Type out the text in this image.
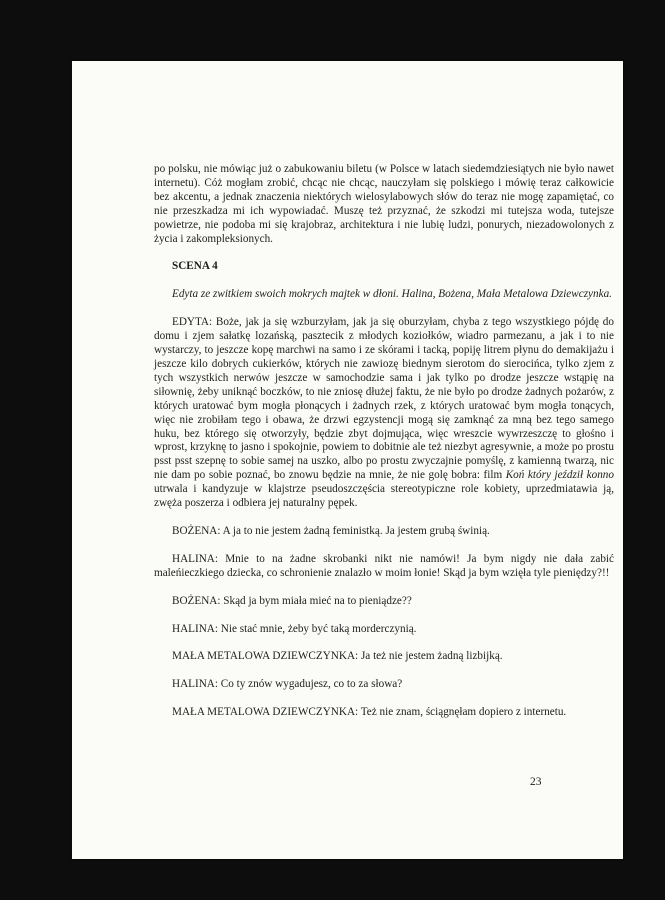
po polsku, nie mówiąc już o zabukowaniu biletu (w Polsce w latach siedemdziesiątych nie było nawet internetu). Cóż mogłam zrobić, chcąc nie chcąc, nauczyłam się polskiego i mówię teraz całkowicie bez akcentu, a jednak znaczenia niektórych wielosylabowych słów do teraz nie mogę zapamiętać, co nie przeszkadza mi ich wypowiadać. Muszę też przyznać, że szkodzi mi tutejsza woda, tutejsze powietrze, nie podoba mi się krajobraz, architektura i nie lubię ludzi, ponurych, niezadowolonych z życia i zakompleksionych.

SCENA 4

Edyta ze zwitkiem swoich mokrych majtek w dłoni. Halina, Bożena, Mała Metalowa Dziewczynka.

EDYTA: Boże, jak ja się wzburzyłam, jak ja się oburzyłam, chyba z tego wszystkiego pójdę do domu i zjem sałatkę lozańską, pasztecik z młodych koziołków, wiadro parmezanu, a jak i to nie wystarczy, to jeszcze kopę marchwi na samo i ze skórami i tacką, popiję litrem płynu do demakijażu i jeszcze kilo dobrych cukierków, których nie zawiozę biednym sierotom do sierocińca, tylko zjem z tych wszystkich nerwów jeszcze w samochodzie sama i jak tylko po drodze jeszcze wstąpię na siłownię, żeby uniknąć boczków, to nie zniosę dłużej faktu, że nie było po drodze żadnych pożarów, z których uratować bym mogła płonących i żadnych rzek, z których uratować bym mogła tonących, więc nie zrobiłam tego i obawa, że drzwi egzystencji mogą się zamknąć za mną bez tego samego huku, bez którego się otworzyły, będzie zbyt dojmująca, więc wreszcie wywrzeszczę to głośno i wprost, krzyknę to jasno i spokojnie, powiem to dobitnie ale też niezbyt agresywnie, a może po prostu psst psst szepnę to sobie samej na uszko, albo po prostu zwyczajnie pomyślę, z kamienną twarzą, nic nie dam po sobie poznać, bo znowu będzie na mnie, że nie golę bobra: film Koń który jeździł konno utrwala i kandyzuje w klajstrze pseudoszczęścia stereotypiczne role kobiety, uprzedmiatawia ją, zwęża poszerza i odbiera jej naturalny pępek.

BOŻENA: A ja to nie jestem żadną feministką. Ja jestem grubą świnią.

HALINA: Mnie to na żadne skrobanki nikt nie namówi! Ja bym nigdy nie dała zabić maleńieczkiego dziecka, co schronienie znalazło w moim łonie! Skąd ja bym wzięła tyle pieniędzy?!!

BOŻENA: Skąd ja bym miała mieć na to pieniądze??

HALINA: Nie stać mnie, żeby być taką morderczynią.

MAŁA METALOWA DZIEWCZYNKA: Ja też nie jestem żadną lizbijką.

HALINA: Co ty znów wygadujesz, co to za słowa?

MAŁA METALOWA DZIEWCZYNKA: Też nie znam, ściągnęłam dopiero z internetu.

23
